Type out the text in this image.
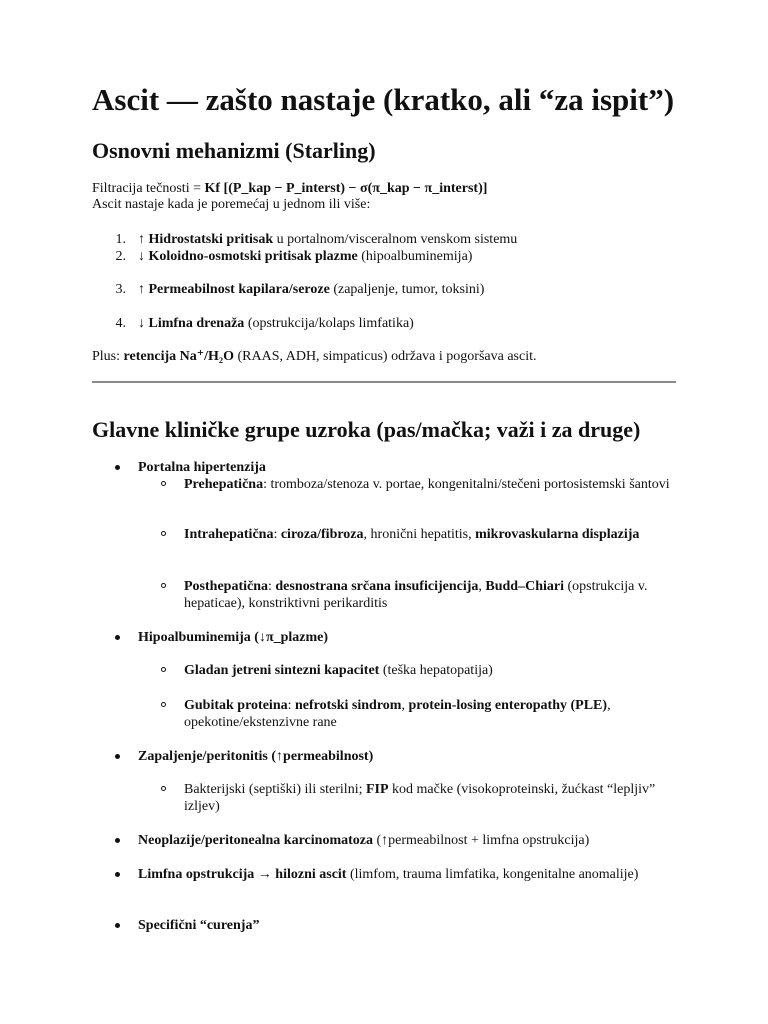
Ascit — zašto nastaje (kratko, ali “za ispit”)
Osnovni mehanizmi (Starling)
Filtracija tečnosti = Kf [(P_kap − P_interst) − σ(π_kap − π_interst)]
Ascit nastaje kada je poremećaj u jednom ili više:
1. ↑ Hidrostatski pritisak u portalnom/visceralnom venskom sistemu
2. ↓ Koloidno-osmotski pritisak plazme (hipoalbuminemija)
3. ↑ Permeabilnost kapilara/seroze (zapaljenje, tumor, toksini)
4. ↓ Limfna drenaža (opstrukcija/kolaps limfatika)
Plus: retencija Na⁺/H₂O (RAAS, ADH, simpaticus) održava i pogoršava ascit.
Glavne kliničke grupe uzroka (pas/mačka; važi i za druge)
Portalna hipertenzija
Prehepatična: tromboza/stenoza v. portae, kongenitalni/stečeni portosistemski šantovi
Intrahepatična: ciroza/fibroza, hronični hepatitis, mikrovaskularna displazija
Posthepatična: desnostrana srčana insuficijencija, Budd–Chiari (opstrukcija v. hepaticae), konstriktivni perikarditis
Hipoalbuminemija (↓π_plazme)
Gladan jetreni sintezni kapacitet (teška hepatopatija)
Gubitak proteina: nefrotski sindrom, protein-losing enteropathy (PLE), opekotine/ekstenzivne rane
Zapaljenje/peritonitis (↑permeabilnost)
Bakterijski (septiški) ili sterilni; FIP kod mačke (visokoproteinski, žućkast “lepljiv” izljev)
Neoplazije/peritonealna karcinomatoza (↑permeabilnost + limfna opstrukcija)
Limfna opstrukcija → hilozni ascit (limfom, trauma limfatika, kongenitalne anomalije)
Specifični “curenja”
